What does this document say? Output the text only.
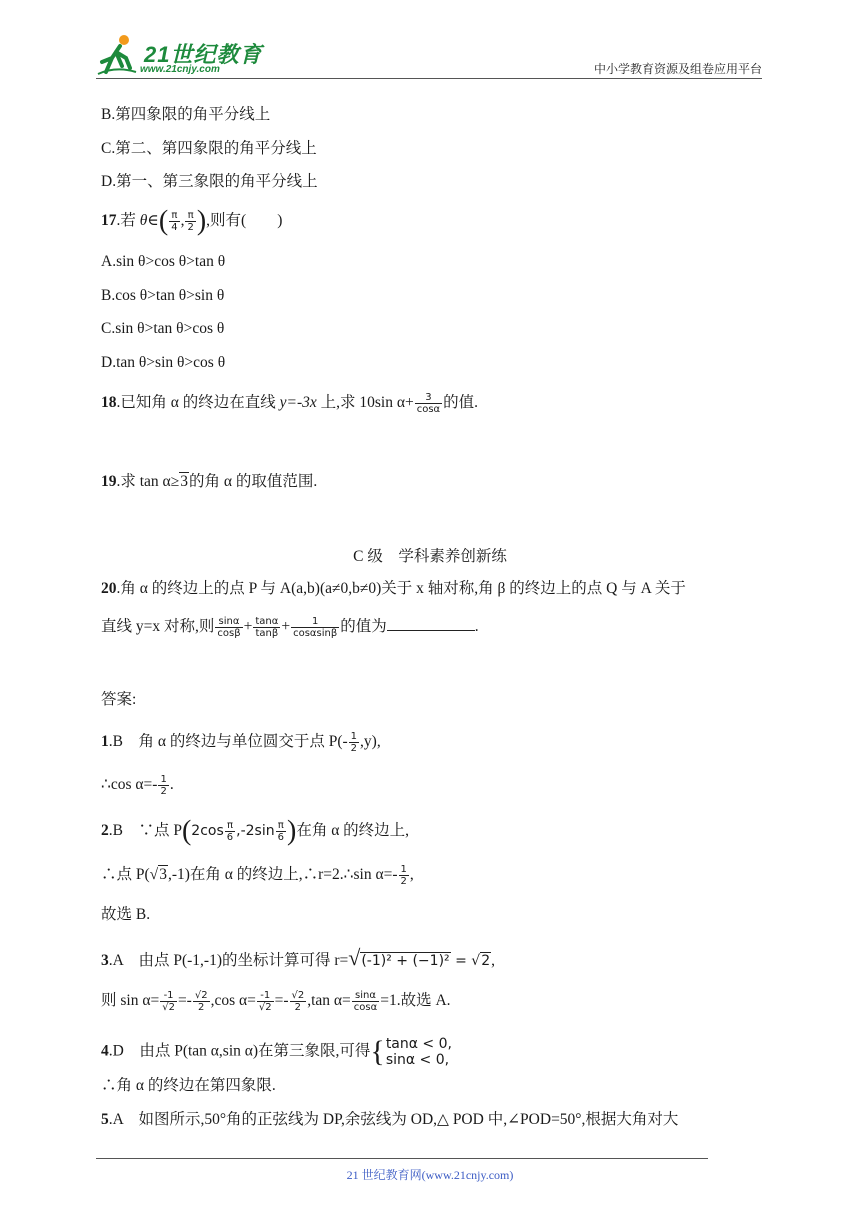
21世纪教育
www.21cnjy.com	中小学教育资源及组卷应用平台
B.第四象限的角平分线上
C.第二、第四象限的角平分线上
D.第一、第三象限的角平分线上
17.若 θ∈( $\frac{\pi}{4}$ , $\frac{\pi}{2}$ ),则有(　　)
A.sin θ>cos θ>tan θ
B.cos θ>tan θ>sin θ
C.sin θ>tan θ>cos θ
D.tan θ>sin θ>cos θ
18.已知角 α 的终边在直线 y=-3x 上,求 10sin $\alpha+ \frac{3}{\cos\alpha}$ 的值.
19.求 tan α≥3的角 α 的取值范围.
C 级　学科素养创新练
20.角 α 的终边上的点 P 与 A(a,b)(a≠0,b≠0)关于 x 轴对称,角 β 的终边上的点 Q 与 A 关于
直线 y=x 对称,则 $\frac{\sin\alpha}{\cos\beta} + \frac{\tan\alpha}{\tan\beta} + \frac{1}{\cos\alpha\sin\beta}$ 的值为	.
答案:
1.B　角 α 的终边与单位圆交于点 $P(- \frac{1}{2} ,y)$,
∴cos $\alpha=- \frac{1}{2}$ .
2.B　∵点 $P(2\cos \frac{\pi}{6} ,-2\sin \frac{\pi}{6}$ )在角 α 的终边上,
∴点 P(√3,-1)在角 α 的终边上,∴r=2.∴sin $\alpha=- \frac{1}{2}$ ,
故选 B.
3.A　由点 P(-1,-1)的坐标计算可得 r=√(-1)² + (−1)² = √2,
则 $\sin \alpha= \frac{-1}{√2} =- \frac{√2}{2} ,\cos$ $\alpha= \frac{-1}{√2} =- \frac{√2}{2} ,\tan$ $\alpha= \frac{\sin\alpha}{\cos\alpha} =1$.故选 A.
4.D　由点 P(tan α,sin α)在第三象限,可得{ tanα < 0,
sinα < 0,
∴角 α 的终边在第四象限.
5.A　如图所示,50°角的正弦线为 DP,余弦线为 OD,△ POD 中,∠POD=50°,根据大角对大
21 世纪教育网(www.21cnjy.com)
